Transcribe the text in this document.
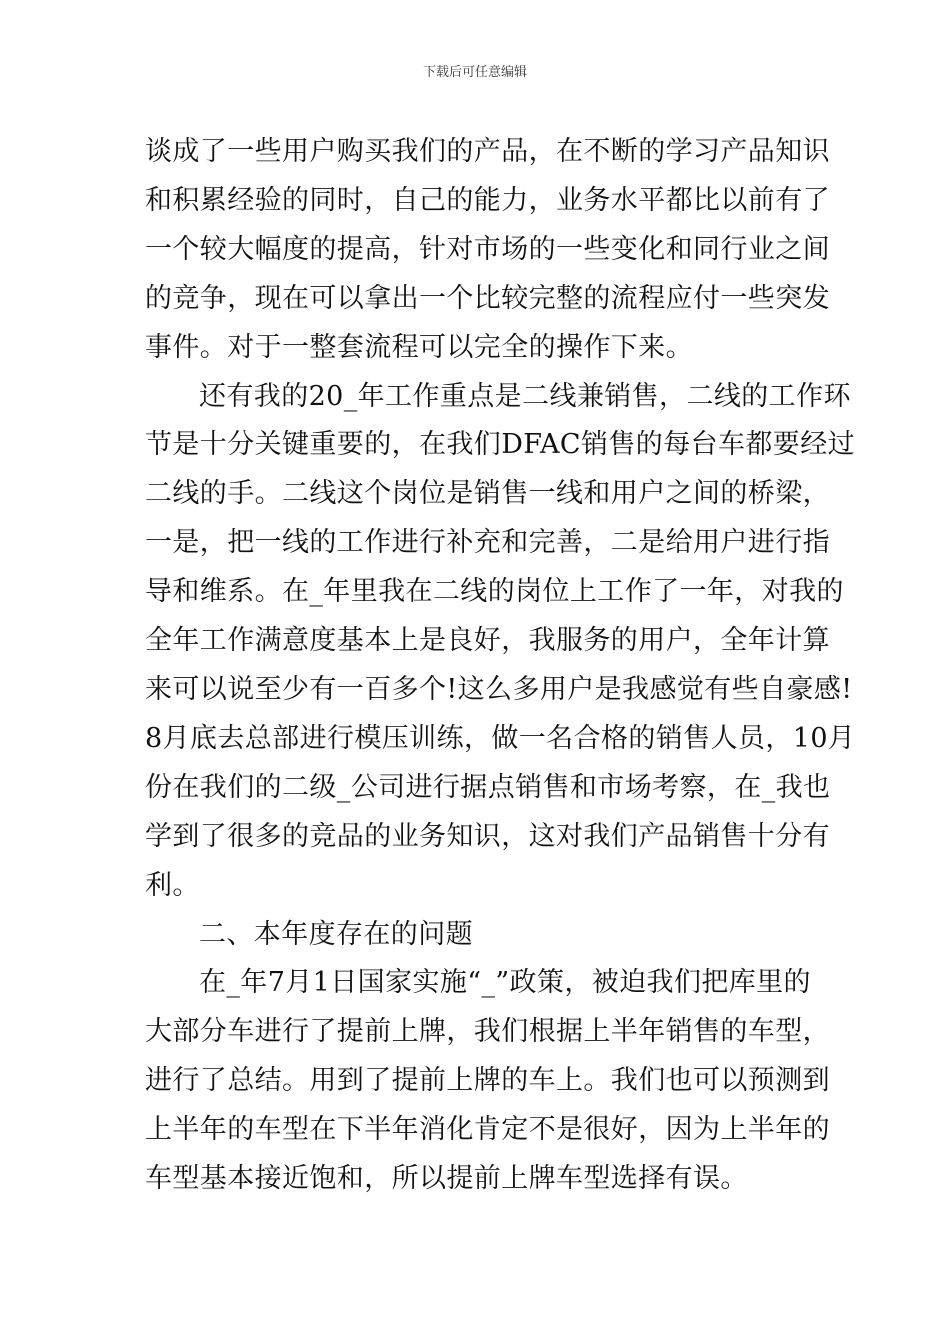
下载后可任意编辑

谈成了一些用户购买我们的产品，在不断的学习产品知识
和积累经验的同时，自己的能力，业务水平都比以前有了
一个较大幅度的提高，针对市场的一些变化和同行业之间
的竞争，现在可以拿出一个比较完整的流程应付一些突发
事件。对于一整套流程可以完全的操作下来。

还有我的20_年工作重点是二线兼销售，二线的工作环
节是十分关键重要的，在我们DFAC销售的每台车都要经过
二线的手。二线这个岗位是销售一线和用户之间的桥梁，
一是，把一线的工作进行补充和完善，二是给用户进行指
导和维系。在_年里我在二线的岗位上工作了一年，对我的
全年工作满意度基本上是良好，我服务的用户，全年计算
来可以说至少有一百多个!这么多用户是我感觉有些自豪感!
8月底去总部进行模压训练，做一名合格的销售人员，10月
份在我们的二级_公司进行据点销售和市场考察，在_我也
学到了很多的竞品的业务知识，这对我们产品销售十分有
利。

二、本年度存在的问题

在_年7月1日国家实施“_”政策，被迫我们把库里的
大部分车进行了提前上牌，我们根据上半年销售的车型，
进行了总结。用到了提前上牌的车上。我们也可以预测到
上半年的车型在下半年消化肯定不是很好，因为上半年的
车型基本接近饱和，所以提前上牌车型选择有误。
